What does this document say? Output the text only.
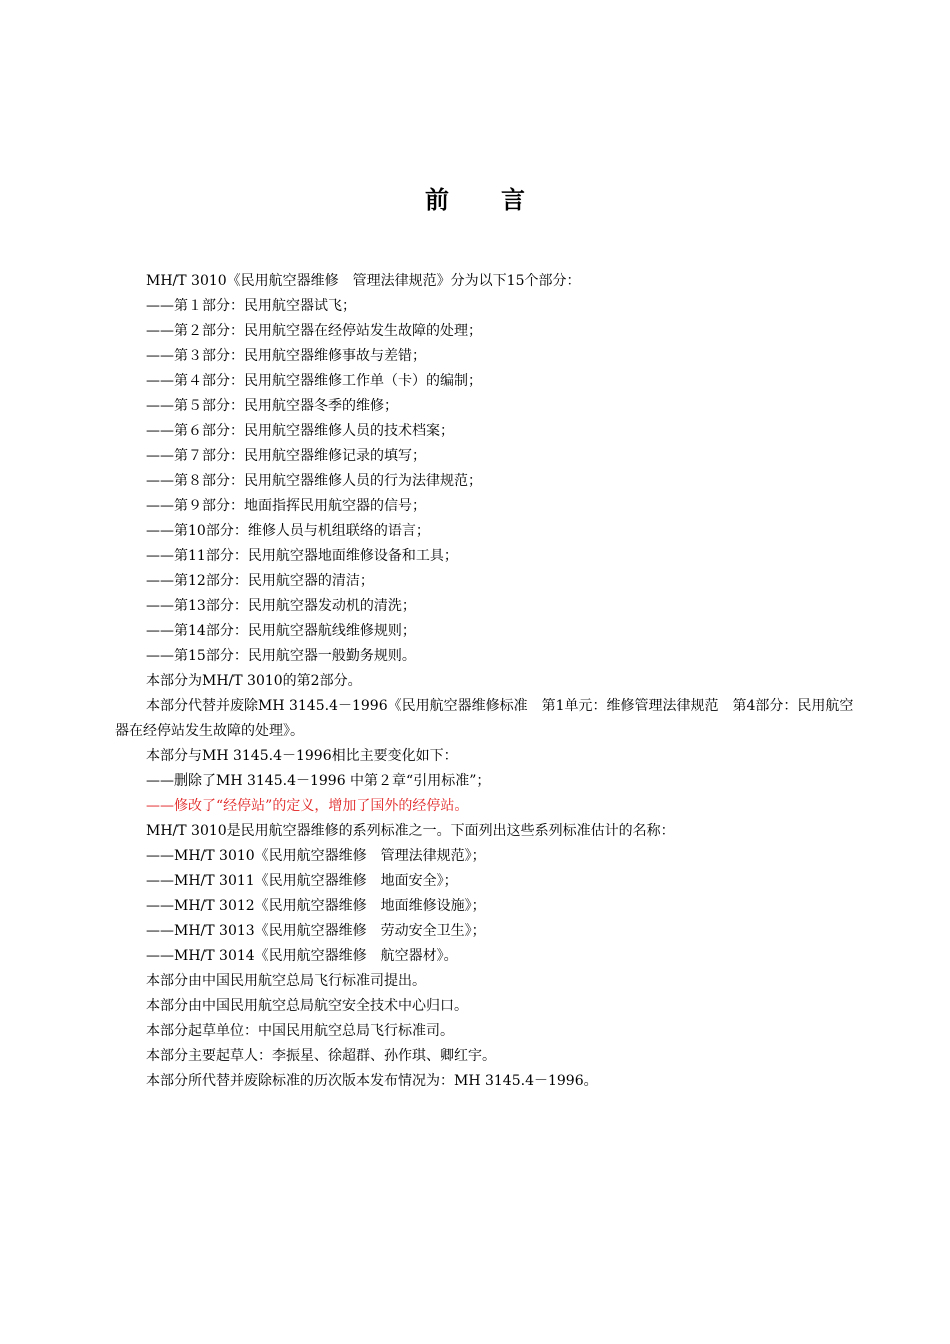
前言

MH/T 3010《民用航空器维修　管理法律规范》分为以下15个部分：

——第１部分：民用航空器试飞；

——第２部分：民用航空器在经停站发生故障的处理；

——第３部分：民用航空器维修事故与差错；

——第４部分：民用航空器维修工作单（卡）的编制；

——第５部分：民用航空器冬季的维修；

——第６部分：民用航空器维修人员的技术档案；

——第７部分：民用航空器维修记录的填写；

——第８部分：民用航空器维修人员的行为法律规范；

——第９部分：地面指挥民用航空器的信号；

——第10部分：维修人员与机组联络的语言；

——第11部分：民用航空器地面维修设备和工具；

——第12部分：民用航空器的清洁；

——第13部分：民用航空器发动机的清洗；

——第14部分：民用航空器航线维修规则；

——第15部分：民用航空器一般勤务规则。

本部分为MH/T 3010的第2部分。

本部分代替并废除MH 3145.4－1996《民用航空器维修标准　第1单元：维修管理法律规范　第4部分：民用航空器在经停站发生故障的处理》。

本部分与MH 3145.4－1996相比主要变化如下：

——删除了MH 3145.4－1996 中第２章“引用标准”；

——修改了“经停站”的定义，增加了国外的经停站。

MH/T 3010是民用航空器维修的系列标准之一。下面列出这些系列标准估计的名称：

——MH/T 3010《民用航空器维修　管理法律规范》；

——MH/T 3011《民用航空器维修　地面安全》；

——MH/T 3012《民用航空器维修　地面维修设施》；

——MH/T 3013《民用航空器维修　劳动安全卫生》；

——MH/T 3014《民用航空器维修　航空器材》。

本部分由中国民用航空总局飞行标准司提出。

本部分由中国民用航空总局航空安全技术中心归口。

本部分起草单位：中国民用航空总局飞行标准司。

本部分主要起草人：李振星、徐超群、孙作琪、卿红宇。

本部分所代替并废除标准的历次版本发布情况为：MH 3145.4－1996。
